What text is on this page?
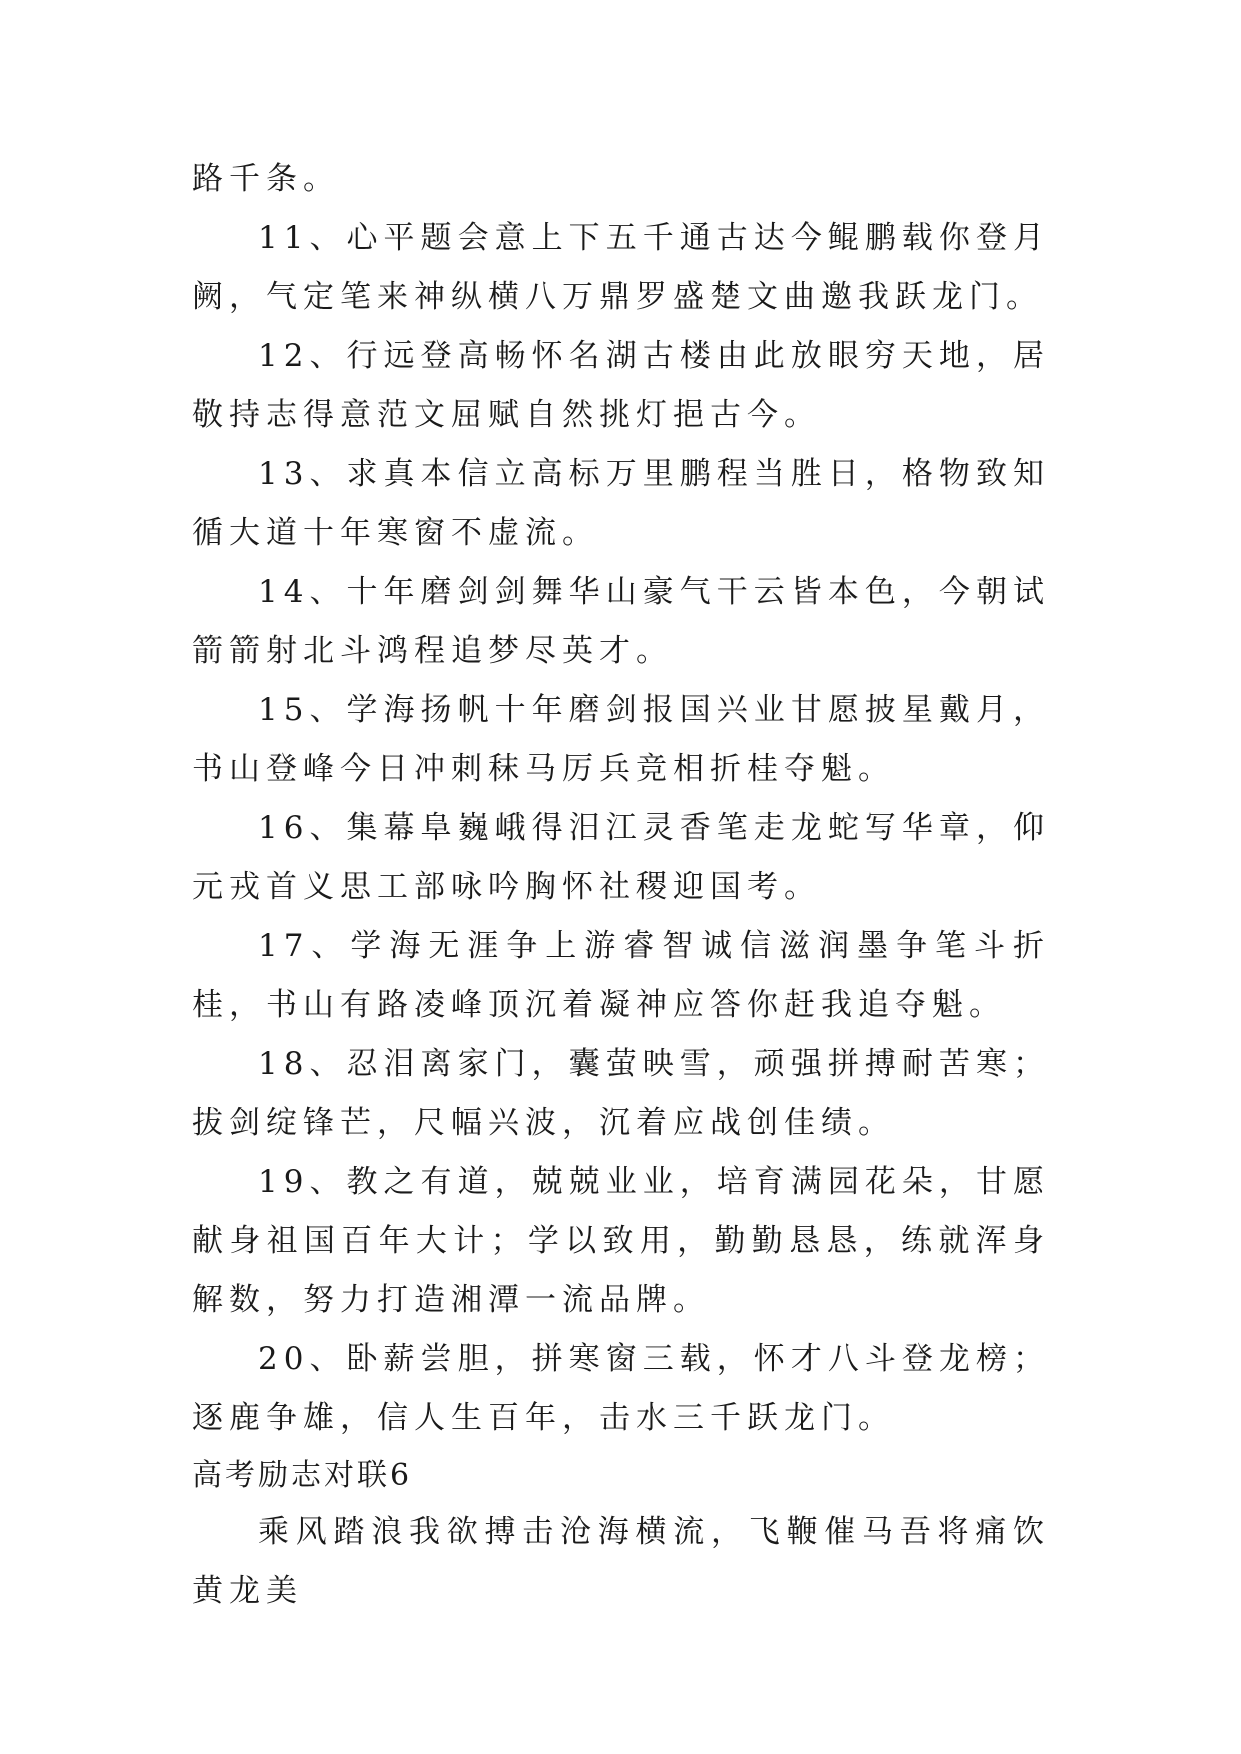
路千条。

11、心平题会意上下五千通古达今鲲鹏载你登月阙，气定笔来神纵横八万鼎罗盛楚文曲邀我跃龙门。

12、行远登高畅怀名湖古楼由此放眼穷天地，居敬持志得意范文屈赋自然挑灯挹古今。

13、求真本信立高标万里鹏程当胜日，格物致知循大道十年寒窗不虚流。

14、十年磨剑剑舞华山豪气干云皆本色，今朝试箭箭射北斗鸿程追梦尽英才。

15、学海扬帆十年磨剑报国兴业甘愿披星戴月，书山登峰今日冲刺秣马厉兵竞相折桂夺魁。

16、集幕阜巍峨得汨江灵香笔走龙蛇写华章，仰元戎首义思工部咏吟胸怀社稷迎国考。

17、学海无涯争上游睿智诚信滋润墨争笔斗折桂，书山有路凌峰顶沉着凝神应答你赶我追夺魁。

18、忍泪离家门，囊萤映雪，顽强拼搏耐苦寒；拔剑绽锋芒，尺幅兴波，沉着应战创佳绩。

19、教之有道，兢兢业业，培育满园花朵，甘愿献身祖国百年大计；学以致用，勤勤恳恳，练就浑身解数，努力打造湘潭一流品牌。

20、卧薪尝胆，拼寒窗三载，怀才八斗登龙榜；逐鹿争雄，信人生百年，击水三千跃龙门。

高考励志对联6

乘风踏浪我欲搏击沧海横流，飞鞭催马吾将痛饮黄龙美
